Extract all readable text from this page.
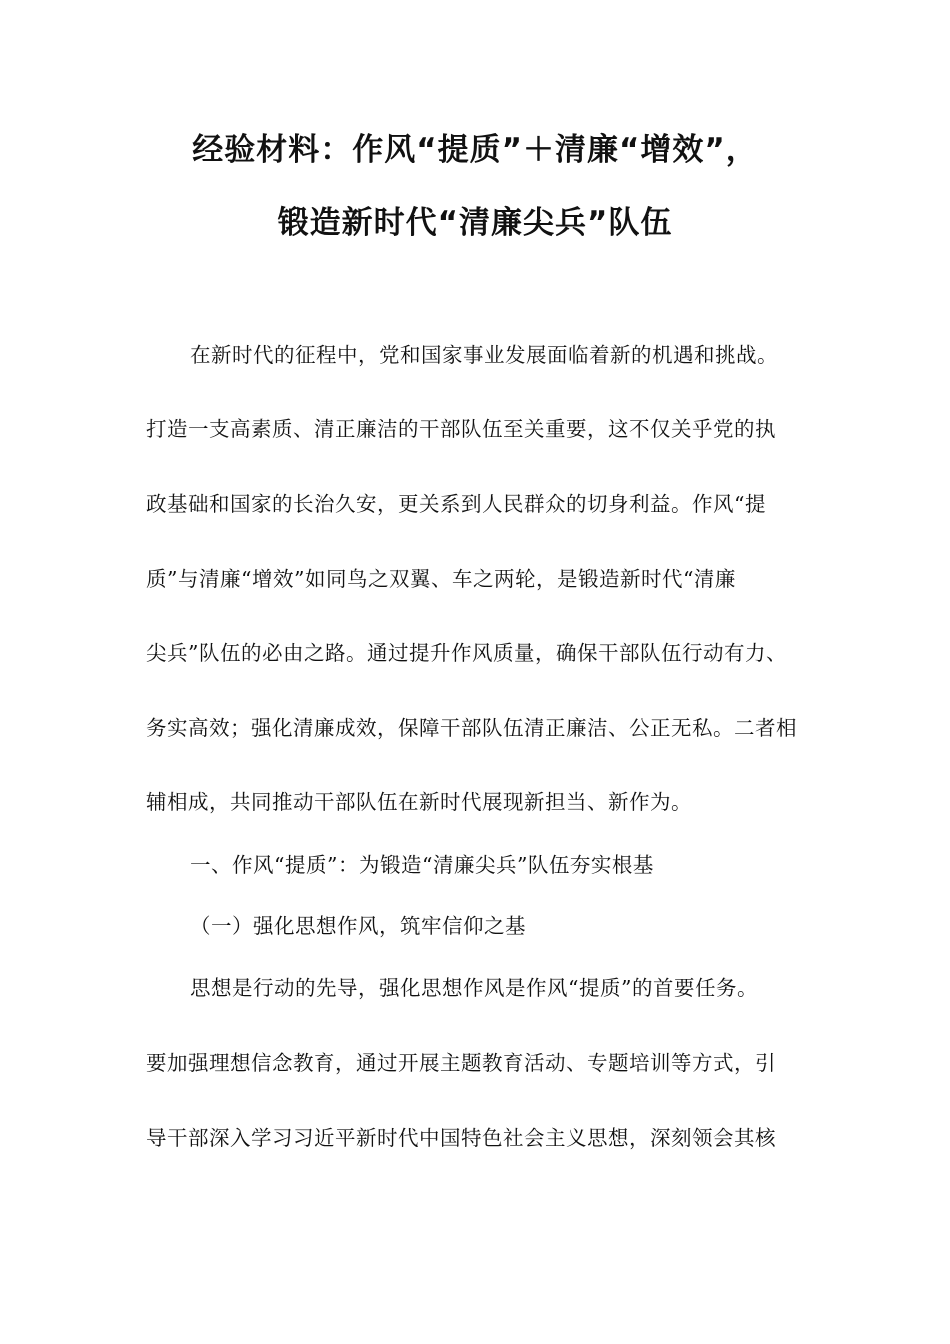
经验材料：作风“提质”＋清廉“增效”，
锻造新时代“清廉尖兵”队伍

在新时代的征程中，党和国家事业发展面临着新的机遇和挑战。

打造一支高素质、清正廉洁的干部队伍至关重要，这不仅关乎党的执

政基础和国家的长治久安，更关系到人民群众的切身利益。作风“提

质”与清廉“增效”如同鸟之双翼、车之两轮，是锻造新时代“清廉

尖兵”队伍的必由之路。通过提升作风质量，确保干部队伍行动有力、

务实高效；强化清廉成效，保障干部队伍清正廉洁、公正无私。二者相

辅相成，共同推动干部队伍在新时代展现新担当、新作为。

一、作风“提质”：为锻造“清廉尖兵”队伍夯实根基

（一）强化思想作风，筑牢信仰之基

思想是行动的先导，强化思想作风是作风“提质”的首要任务。

要加强理想信念教育，通过开展主题教育活动、专题培训等方式，引

导干部深入学习习近平新时代中国特色社会主义思想，深刻领会其核
